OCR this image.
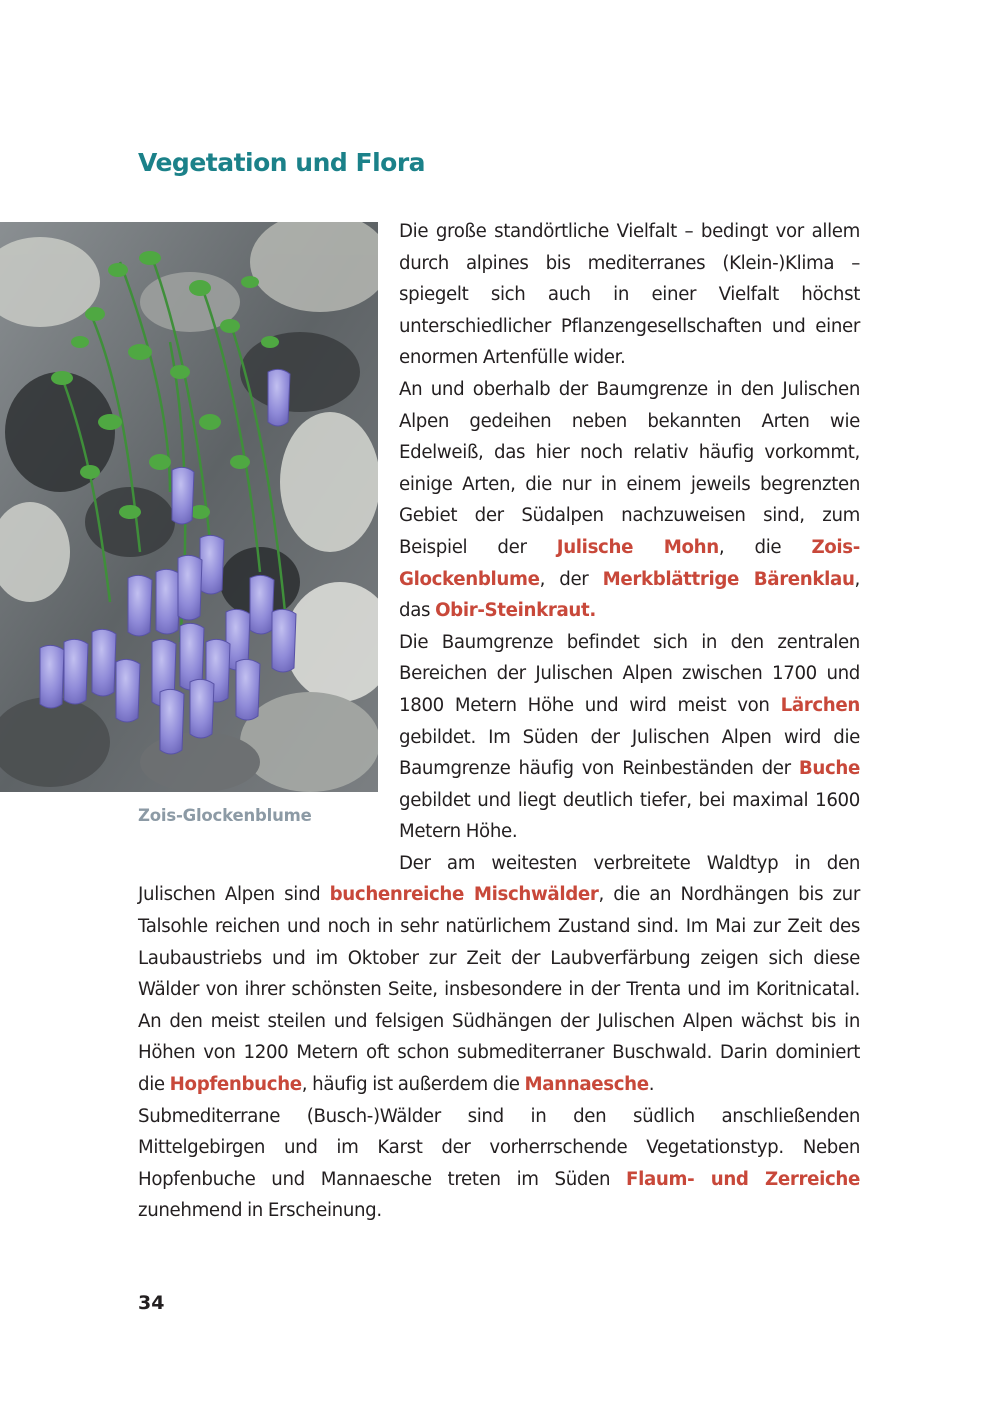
Vegetation und Flora
Zois-Glockenblume

Die große standörtliche Vielfalt – bedingt vor allem durch alpines bis mediterranes (Klein-)Klima – spiegelt sich auch in einer Vielfalt höchst unterschiedlicher Pflanzengesellschaften und einer enormen Artenfülle wider.

An und oberhalb der Baumgrenze in den Julischen Alpen gedeihen neben bekannten Arten wie Edelweiß, das hier noch relativ häufig vorkommt, einige Arten, die nur in einem jeweils begrenzten Gebiet der Südalpen nachzuweisen sind, zum Beispiel der Julische Mohn, die Zois-Glockenblume, der Merkblättrige Bärenklau, das Obir-Steinkraut.

Die Baumgrenze befindet sich in den zentralen Bereichen der Julischen Alpen zwischen 1700 und 1800 Metern Höhe und wird meist von Lärchen gebildet. Im Süden der Julischen Alpen wird die Baumgrenze häufig von Reinbeständen der Buche gebildet und liegt deutlich tiefer, bei maximal 1600 Metern Höhe.

Der am weitesten verbreitete Waldtyp in den Julischen Alpen sind buchenreiche Mischwälder, die an Nordhängen bis zur Talsohle reichen und noch in sehr natürlichem Zustand sind. Im Mai zur Zeit des Laubaustriebs und im Oktober zur Zeit der Laubverfärbung zeigen sich diese Wälder von ihrer schönsten Seite, insbesondere in der Trenta und im Koritnicatal. An den meist steilen und felsigen Südhängen der Julischen Alpen wächst bis in Höhen von 1200 Metern oft schon submediterraner Buschwald. Darin dominiert die Hopfenbuche, häufig ist außerdem die Mannaesche.

Submediterrane (Busch-)Wälder sind in den südlich anschließenden Mittelgebirgen und im Karst der vorherrschende Vegetationstyp. Neben Hopfenbuche und Mannaesche treten im Süden Flaum- und Zerreiche zunehmend in Erscheinung.

34
